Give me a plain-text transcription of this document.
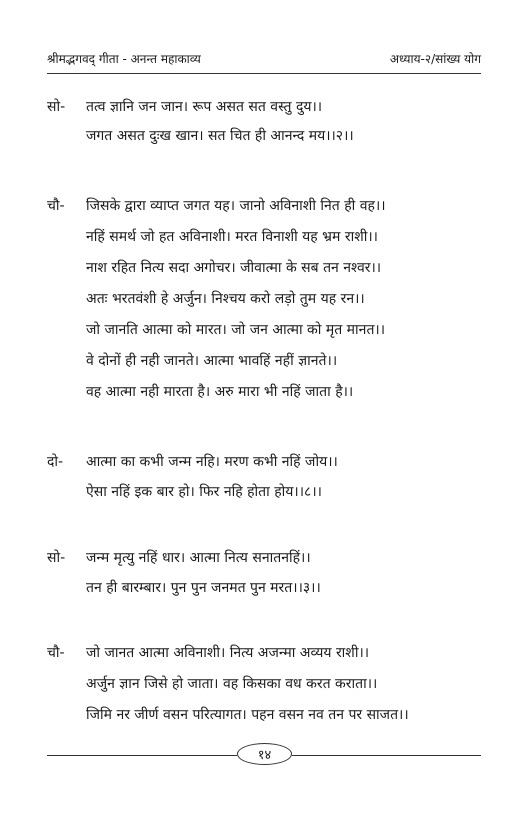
श्रीमद्भगवद् गीता - अनन्त महाकाव्य	अध्याय-२/सांख्य योग
सो- तत्व ज्ञानि जन जान। रूप असत सत वस्तु दुय।।
जगत असत दुःख खान। सत चित ही आनन्द मय।।२।।
चौ- जिसके द्वारा व्याप्त जगत यह। जानो अविनाशी नित ही वह।।
नहिं समर्थ जो हत अविनाशी। मरत विनाशी यह भ्रम राशी।।
नाश रहित नित्य सदा अगोचर। जीवात्मा के सब तन नश्वर।।
अतः भरतवंशी हे अर्जुन। निश्चय करो लड़ो तुम यह रन।।
जो जानति आत्मा को मारत। जो जन आत्मा को मृत मानत।।
वे दोनों ही नही जानते। आत्मा भावहिं नहीं ज्ञानते।।
वह आत्मा नही मारता है। अरु मारा भी नहिं जाता है।।
दो- आत्मा का कभी जन्म नहि। मरण कभी नहिं जोय।।
ऐसा नहिं इक बार हो। फिर नहि होता होय।।८।।
सो- जन्म मृत्यु नहिं धार। आत्मा नित्य सनातनहिं।।
तन ही बारम्बार। पुन पुन जनमत पुन मरत।।३।।
चौ- जो जानत आत्मा अविनाशी। नित्य अजन्मा अव्यय राशी।।
अर्जुन ज्ञान जिसे हो जाता। वह किसका वध करत कराता।।
जिमि नर जीर्ण वसन परित्यागत। पहन वसन नव तन पर साजत।।
१४
